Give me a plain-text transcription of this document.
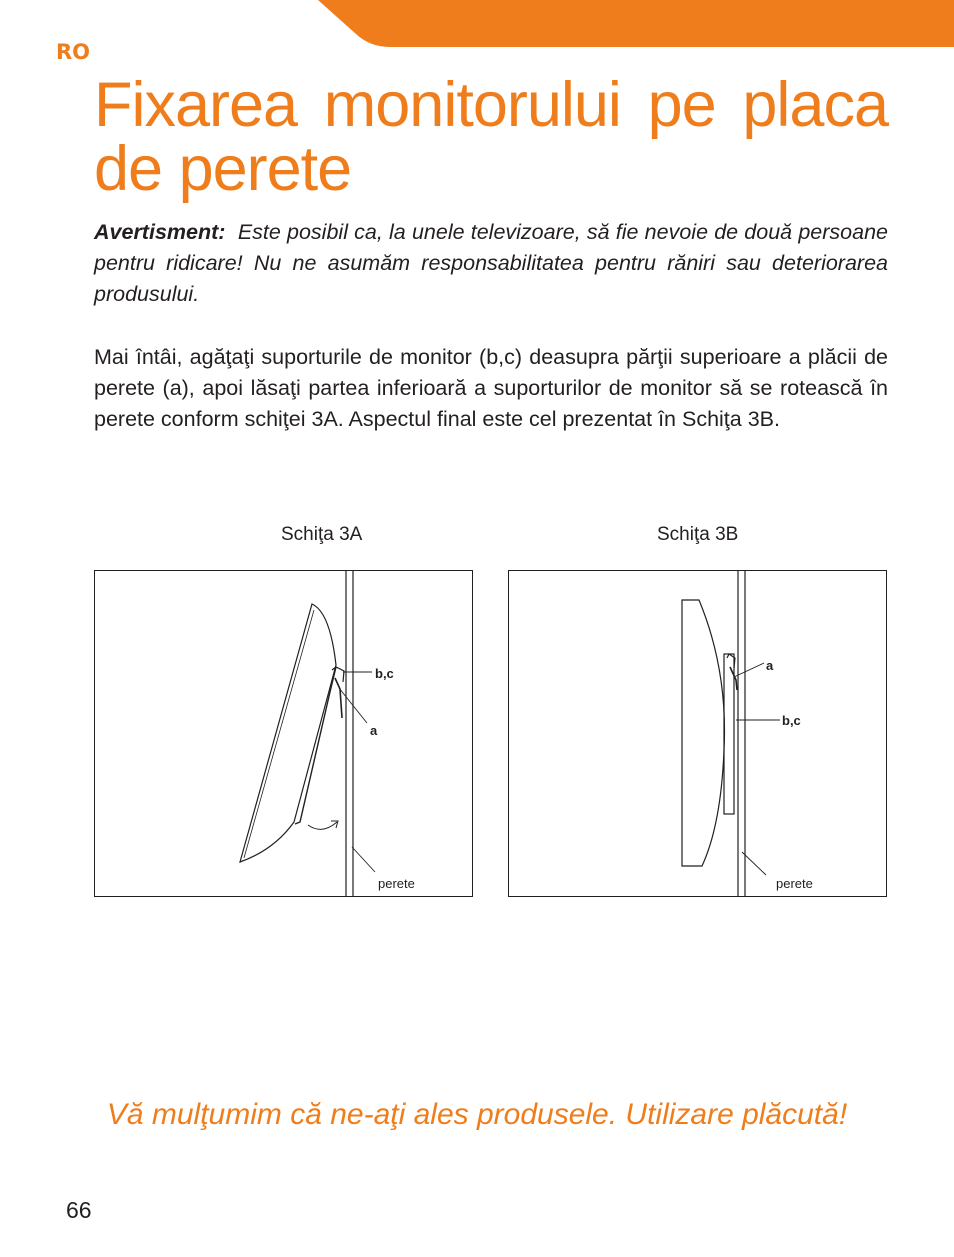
RO
Fixarea monitorului pe placa de perete

Avertisment: Este posibil ca, la unele televizoare, să fie nevoie de două persoane pentru ridicare! Nu ne asumăm responsabilitatea pentru răniri sau deteriorarea produsului.

Mai întâi, agăţaţi suporturile de monitor (b,c) deasupra părţii superioare a plăcii de perete (a), apoi lăsaţi partea inferioară a suporturilor de monitor să se rotească în perete conform schiţei 3A. Aspectul final este cel prezentat în Schiţa 3B.

Schiţa 3A	Schiţa 3B
b,c
a
perete
a
b,c
perete

Vă mulţumim că ne-aţi ales produsele. Utilizare plăcută!

66
